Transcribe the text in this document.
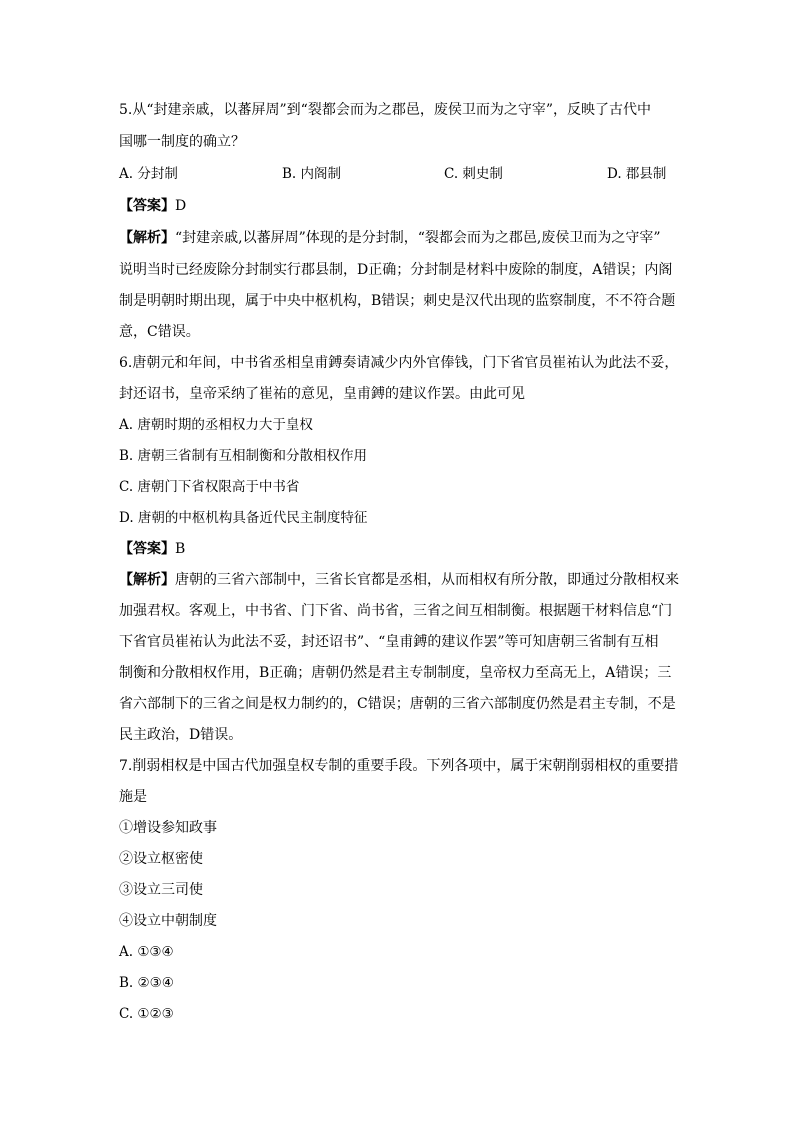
5.从“封建亲戚，以蕃屏周”到“裂都会而为之郡邑，废侯卫而为之守宰”，反映了古代中
国哪一制度的确立？
A. 分封制	B. 内阁制	C. 刺史制	D. 郡县制
【答案】D
【解析】“封建亲戚,以蕃屏周”体现的是分封制，“裂都会而为之郡邑,废侯卫而为之守宰”
说明当时已经废除分封制实行郡县制，D正确；分封制是材料中废除的制度，A错误；内阁
制是明朝时期出现，属于中央中枢机构，B错误；刺史是汉代出现的监察制度，不不符合题
意，C错误。
6.唐朝元和年间，中书省丞相皇甫鎛奏请减少内外官俸钱，门下省官员崔祐认为此法不妥，
封还诏书，皇帝采纳了崔祐的意见，皇甫鎛的建议作罢。由此可见
A. 唐朝时期的丞相权力大于皇权
B. 唐朝三省制有互相制衡和分散相权作用
C. 唐朝门下省权限高于中书省
D. 唐朝的中枢机构具备近代民主制度特征
【答案】B
【解析】唐朝的三省六部制中，三省长官都是丞相，从而相权有所分散，即通过分散相权来
加强君权。客观上，中书省、门下省、尚书省，三省之间互相制衡。根据题干材料信息“门
下省官员崔祐认为此法不妥，封还诏书”、“皇甫鎛的建议作罢”等可知唐朝三省制有互相
制衡和分散相权作用，B正确；唐朝仍然是君主专制制度，皇帝权力至高无上，A错误；三
省六部制下的三省之间是权力制约的，C错误；唐朝的三省六部制度仍然是君主专制，不是
民主政治，D错误。
7.削弱相权是中国古代加强皇权专制的重要手段。下列各项中，属于宋朝削弱相权的重要措
施是
①增设参知政事
②设立枢密使
③设立三司使
④设立中朝制度
A. ①③④
B. ②③④
C. ①②③
